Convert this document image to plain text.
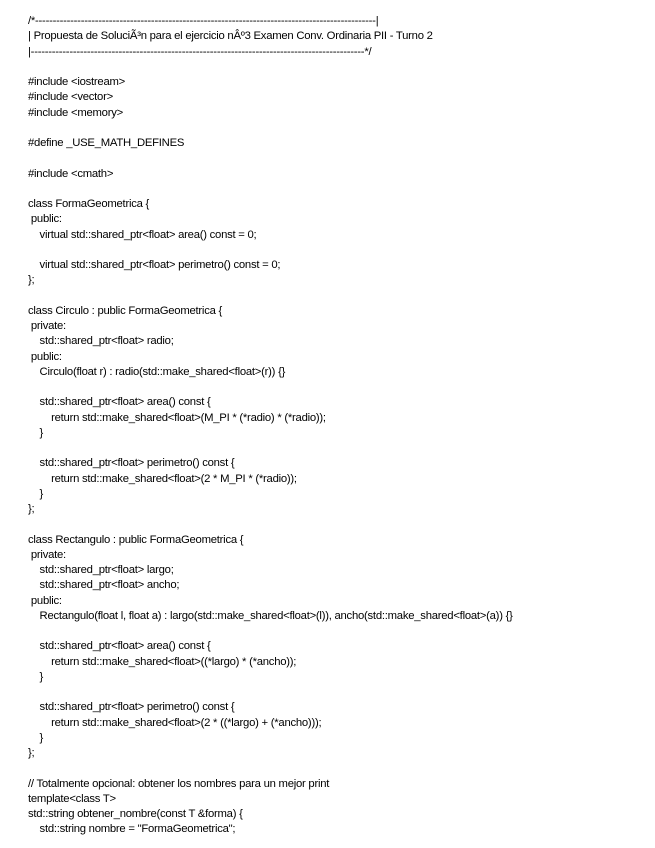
/*-------------------------------------------------------------------------------------------------|
| Propuesta de SoluciÃ³n para el ejercicio nÂº3 Examen Conv. Ordinaria PII - Turno 2
|-----------------------------------------------------------------------------------------------*/
#include <iostream>
#include <vector>
#include <memory>
#define _USE_MATH_DEFINES
#include <cmath>
class FormaGeometrica {
public:
virtual std::shared_ptr<float> area() const = 0;
virtual std::shared_ptr<float> perimetro() const = 0;
};
class Circulo : public FormaGeometrica {
private:
std::shared_ptr<float> radio;
public:
Circulo(float r) : radio(std::make_shared<float>(r)) {}
std::shared_ptr<float> area() const {
return std::make_shared<float>(M_PI * (*radio) * (*radio));
}
std::shared_ptr<float> perimetro() const {
return std::make_shared<float>(2 * M_PI * (*radio));
}
};
class Rectangulo : public FormaGeometrica {
private:
std::shared_ptr<float> largo;
std::shared_ptr<float> ancho;
public:
Rectangulo(float l, float a) : largo(std::make_shared<float>(l)), ancho(std::make_shared<float>(a)) {}
std::shared_ptr<float> area() const {
return std::make_shared<float>((*largo) * (*ancho));
}
std::shared_ptr<float> perimetro() const {
return std::make_shared<float>(2 * ((*largo) + (*ancho)));
}
};
// Totalmente opcional: obtener los nombres para un mejor print
template<class T>
std::string obtener_nombre(const T &forma) {
std::string nombre = "FormaGeometrica";
